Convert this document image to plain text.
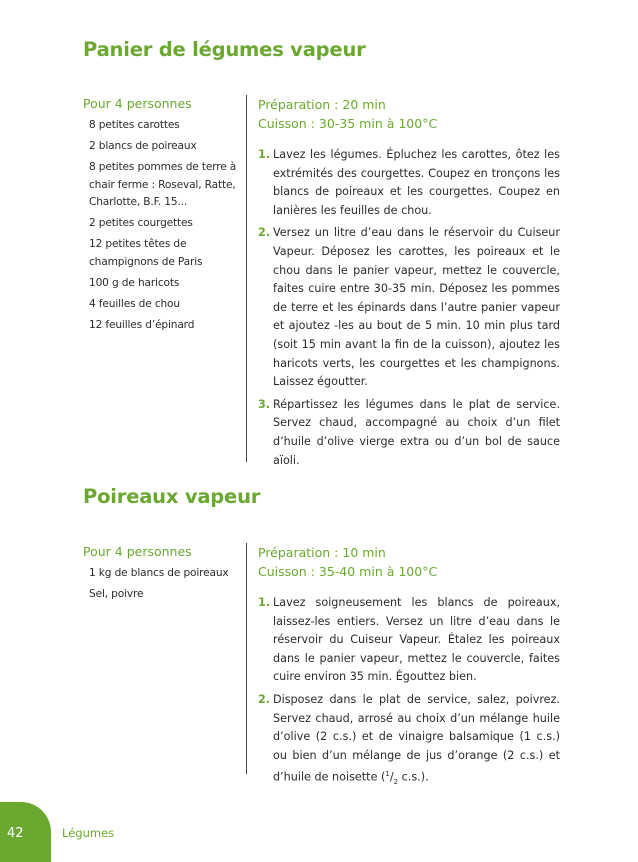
Panier de légumes vapeur

Pour 4 personnes

8 petites carottes
2 blancs de poireaux
8 petites pommes de terre à chair ferme : Roseval, Ratte, Charlotte, B.F. 15...
2 petites courgettes
12 petites têtes de champignons de Paris
100 g de haricots
4 feuilles de chou
12 feuilles d’épinard
Préparation : 20 min
Cuisson : 30-35 min à 100°C
1. Lavez les légumes. Épluchez les carottes, ôtez les extrémités des courgettes. Coupez en tronçons les blancs de poireaux et les courgettes. Coupez en lanières les feuilles de chou.
2. Versez un litre d’eau dans le réservoir du Cuiseur Vapeur. Déposez les carottes, les poireaux et le chou dans le panier vapeur, mettez le couvercle, faites cuire entre 30-35 min. Déposez les pommes de terre et les épinards dans l’autre panier vapeur et ajoutez -les au bout de 5 min. 10 min plus tard (soit 15 min avant la fin de la cuisson), ajoutez les haricots verts, les courgettes et les champignons. Laissez égoutter.
3. Répartissez les légumes dans le plat de service. Servez chaud, accompagné au choix d’un filet d’huile d’olive vierge extra ou d’un bol de sauce aïoli.
Poireaux vapeur

Pour 4 personnes

1 kg de blancs de poireaux
Sel, poivre
Préparation : 10 min
Cuisson : 35-40 min à 100°C
1. Lavez soigneusement les blancs de poireaux, laissez-les entiers. Versez un litre d’eau dans le réservoir du Cuiseur Vapeur. Étalez les poireaux dans le panier vapeur, mettez le couvercle, faites cuire environ 35 min. Égouttez bien.
2. Disposez dans le plat de service, salez, poivrez. Servez chaud, arrosé au choix d’un mélange huile d’olive (2 c.s.) et de vinaigre balsamique (1 c.s.) ou bien d’un mélange de jus d’orange (2 c.s.) et d’huile de noisette ($^1/_2$ c.s.).
42	Légumes
